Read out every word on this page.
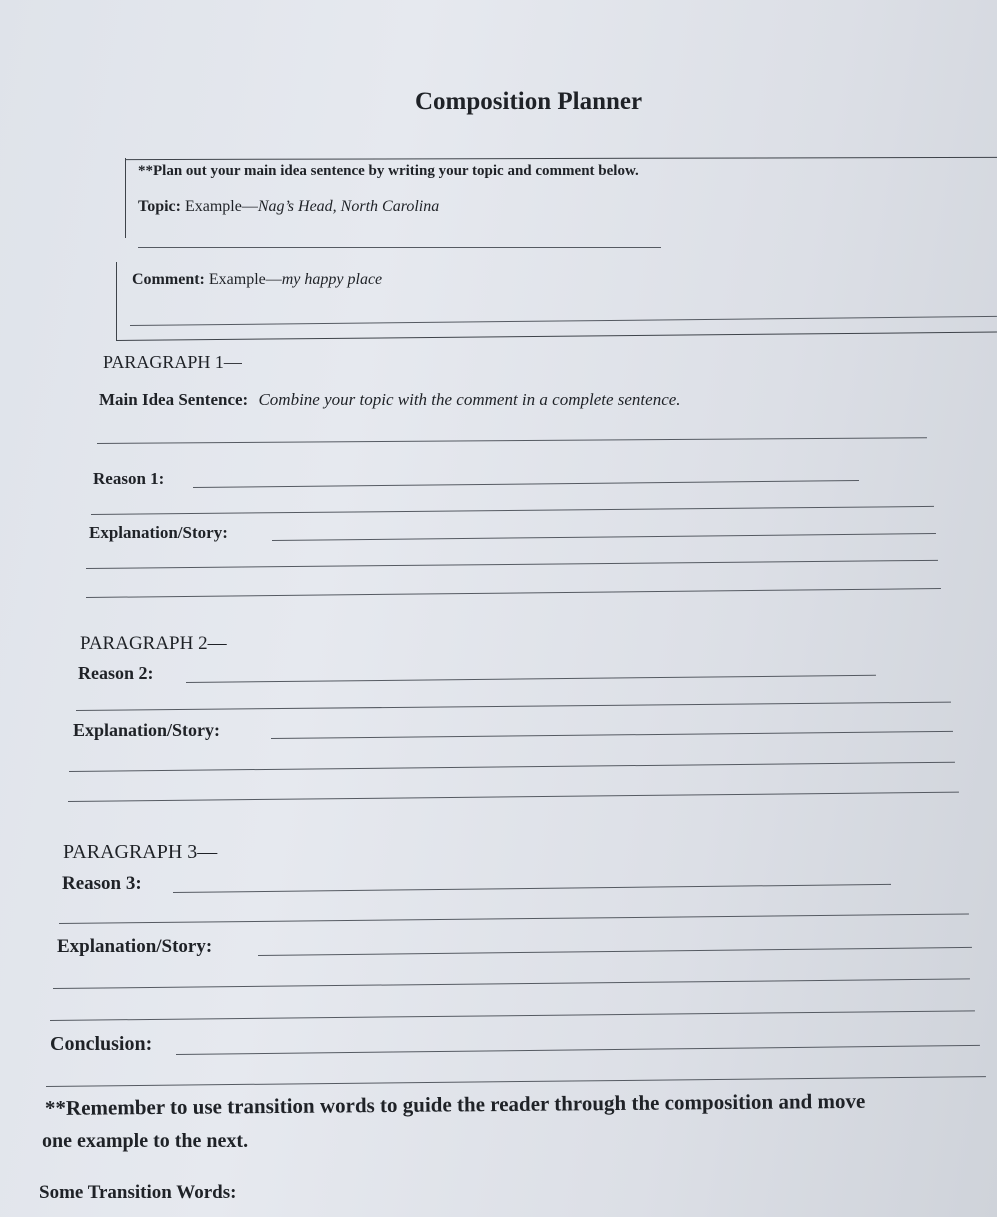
Composition Planner
**Plan out your main idea sentence by writing your topic and comment below.
Topic: Example—Nag’s Head, North Carolina
Comment: Example—my happy place
PARAGRAPH 1—
Main Idea Sentence: Combine your topic with the comment in a complete sentence.
Reason 1:
Explanation/Story:
PARAGRAPH 2—
Reason 2:
Explanation/Story:
PARAGRAPH 3—
Reason 3:
Explanation/Story:
Conclusion:
**Remember to use transition words to guide the reader through the composition and move
one example to the next.
Some Transition Words:
